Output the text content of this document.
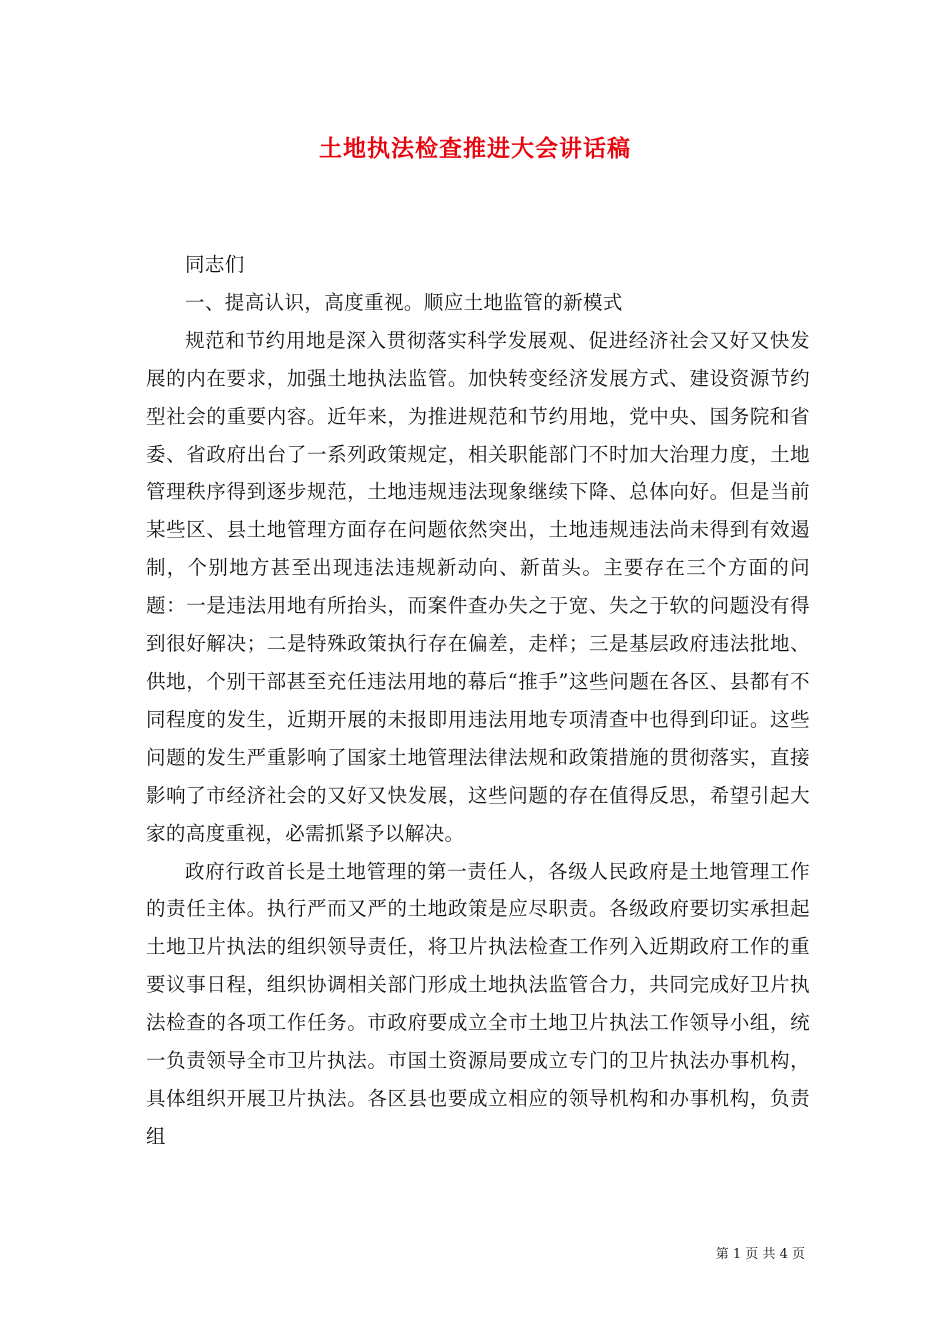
土地执法检查推进大会讲话稿

同志们

一、提高认识，高度重视。顺应土地监管的新模式

规范和节约用地是深入贯彻落实科学发展观、促进经济社会又好又快发展的内在要求，加强土地执法监管。加快转变经济发展方式、建设资源节约型社会的重要内容。近年来，为推进规范和节约用地，党中央、国务院和省委、省政府出台了一系列政策规定，相关职能部门不时加大治理力度，土地管理秩序得到逐步规范，土地违规违法现象继续下降、总体向好。但是当前某些区、县土地管理方面存在问题依然突出，土地违规违法尚未得到有效遏制，个别地方甚至出现违法违规新动向、新苗头。主要存在三个方面的问题：一是违法用地有所抬头，而案件查办失之于宽、失之于软的问题没有得到很好解决；二是特殊政策执行存在偏差，走样；三是基层政府违法批地、供地，个别干部甚至充任违法用地的幕后“推手”这些问题在各区、县都有不同程度的发生，近期开展的未报即用违法用地专项清查中也得到印证。这些问题的发生严重影响了国家土地管理法律法规和政策措施的贯彻落实，直接影响了市经济社会的又好又快发展，这些问题的存在值得反思，希望引起大家的高度重视，必需抓紧予以解决。

政府行政首长是土地管理的第一责任人，各级人民政府是土地管理工作的责任主体。执行严而又严的土地政策是应尽职责。各级政府要切实承担起土地卫片执法的组织领导责任，将卫片执法检查工作列入近期政府工作的重要议事日程，组织协调相关部门形成土地执法监管合力，共同完成好卫片执法检查的各项工作任务。市政府要成立全市土地卫片执法工作领导小组，统一负责领导全市卫片执法。市国土资源局要成立专门的卫片执法办事机构，具体组织开展卫片执法。各区县也要成立相应的领导机构和办事机构，负责组

第 1 页 共 4 页
